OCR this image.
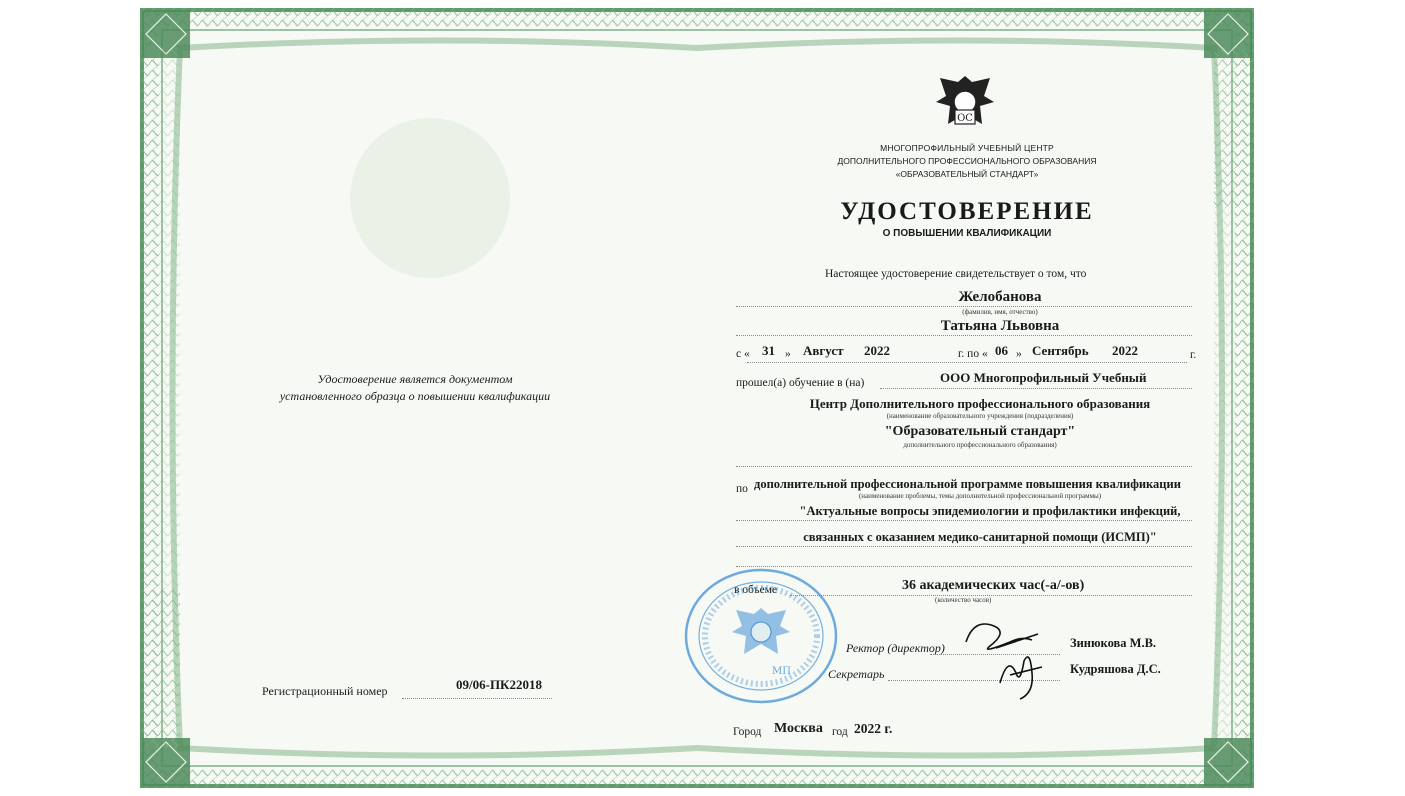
Удостоверение является документом
установленного образца о повышении квалификации
Регистрационный номер	09/06-ПК22018
ОС
МНОГОПРОФИЛЬНЫЙ УЧЕБНЫЙ ЦЕНТР
ДОПОЛНИТЕЛЬНОГО ПРОФЕССИОНАЛЬНОГО ОБРАЗОВАНИЯ
«ОБРАЗОВАТЕЛЬНЫЙ СТАНДАРТ»
УДОСТОВЕРЕНИЕ
О ПОВЫШЕНИИ КВАЛИФИКАЦИИ
Настоящее удостоверение свидетельствует о том, что
Желобанова
(фамилия, имя, отчество)
Татьяна Львовна
с « 31 » Август 2022	г. по « 06 » Сентябрь 2022	г.
прошел(а) обучение в (на)	ООО Многопрофильный Учебный
Центр Дополнительного профессионального образования
(наименование образовательного учреждения (подразделения)
"Образовательный стандарт"
дополнительного профессионального образования)
по дополнительной профессиональной программе повышения квалификации
(наименование проблемы, темы дополнительной профессиональной программы)
"Актуальные вопросы эпидемиологии и профилактики инфекций,
связанных с оказанием медико-санитарной помощи (ИСМП)"
в объеме	36 академических час(-а/-ов)
(количество часов)
МП
Ректор (директор)	Зинюкова М.В.
Секретарь	Кудряшова Д.С.
Город Москва год 2022 г.
